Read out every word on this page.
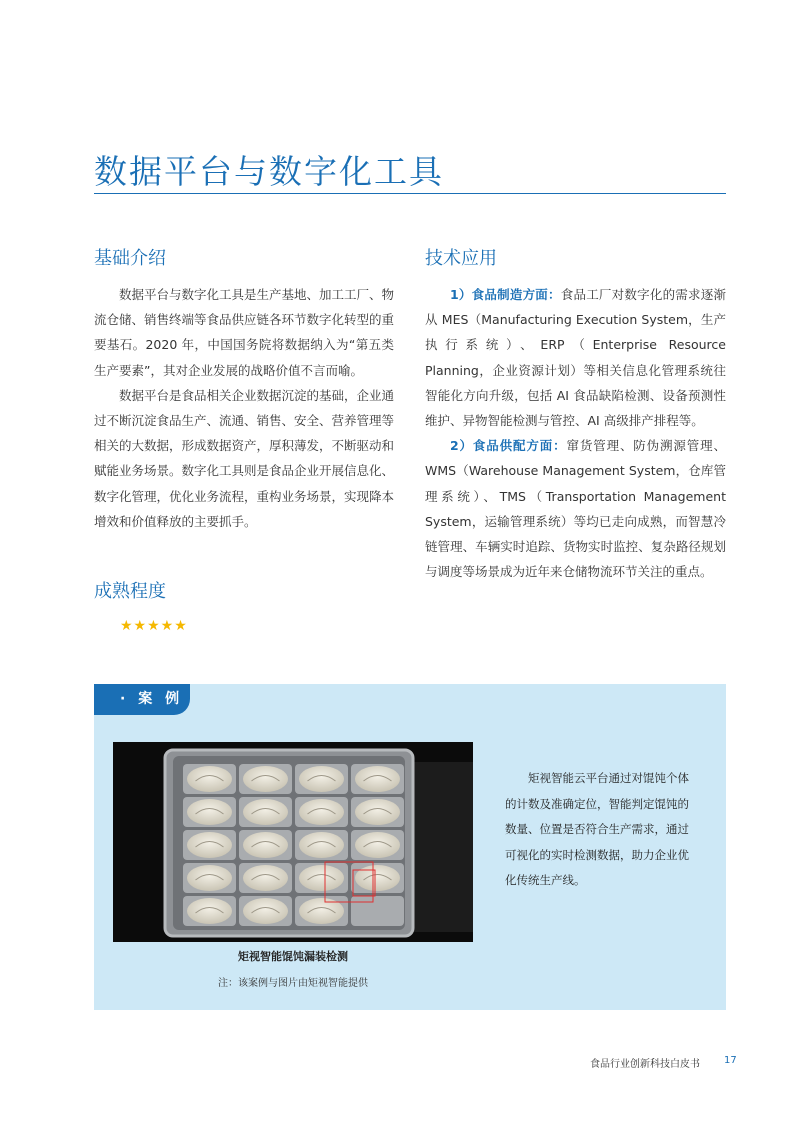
数据平台与数字化工具
基础介绍

数据平台与数字化工具是生产基地、加工工厂、物流仓储、销售终端等食品供应链各环节数字化转型的重要基石。2020 年，中国国务院将数据纳入为“第五类生产要素”，其对企业发展的战略价值不言而喻。

数据平台是食品相关企业数据沉淀的基础，企业通过不断沉淀食品生产、流通、销售、安全、营养管理等相关的大数据，形成数据资产，厚积薄发，不断驱动和赋能业务场景。数字化工具则是食品企业开展信息化、数字化管理，优化业务流程，重构业务场景，实现降本增效和价值释放的主要抓手。

成熟程度
★★★★★
技术应用

1）食品制造方面：食品工厂对数字化的需求逐渐从 MES（Manufacturing Execution System，生产执行系统）、ERP（Enterprise Resource Planning，企业资源计划）等相关信息化管理系统往智能化方向升级，包括 AI 食品缺陷检测、设备预测性维护、异物智能检测与管控、AI 高级排产排程等。

2）食品供配方面：窜货管理、防伪溯源管理、WMS（Warehouse Management System，仓库管理系统）、TMS（Transportation Management System，运输管理系统）等均已走向成熟，而智慧冷链管理、车辆实时追踪、货物实时监控、复杂路径规划与调度等场景成为近年来仓储物流环节关注的重点。

· 案 例
矩视智能馄饨漏装检测
注：该案例与图片由矩视智能提供

矩视智能云平台通过对馄饨个体的计数及准确定位，智能判定馄饨的数量、位置是否符合生产需求，通过可视化的实时检测数据，助力企业优化传统生产线。

食品行业创新科技白皮书 17
